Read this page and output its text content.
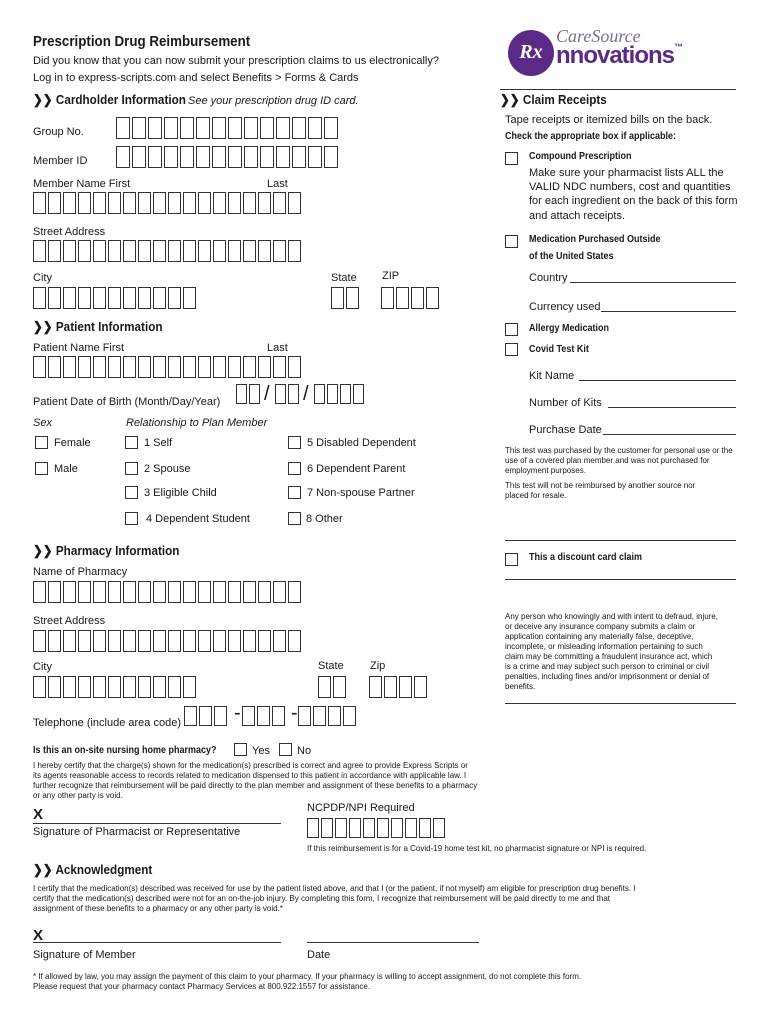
Prescription Drug Reimbursement
Did you know that you can now submit your prescription claims to us electronically?
Log in to express-scripts.com and select Benefits > Forms & Cards
Rx
CareSource
nnovations™
❯❯ Cardholder Information See your prescription drug ID card.
Group No.
Member ID
Member Name First	Last
Street Address
City	State ZIP
❯❯ Patient Information
Patient Name First	Last
Patient Date of Birth (Month/Day/Year) / /
Sex	Relationship to Plan Member
Female
Male
1 Self
2 Spouse
3 Eligible Child
4 Dependent Student
5 Disabled Dependent
6 Dependent Parent
7 Non-spouse Partner
8 Other
❯❯ Pharmacy Information
Name of Pharmacy
Street Address
City	State Zip
Telephone (include area code)	-	-
Is this an on-site nursing home pharmacy?	Yes No
I hereby certify that the charge(s) shown for the medication(s) prescribed is correct and agree to provide Express Scripts or its agents reasonable access to records related to medication dispensed to this patient in accordance with applicable law. I further recognize that reimbursement will be paid directly to the plan member and assignment of these benefits to a pharmacy or any other party is void.
X
Signature of Pharmacist or Representative
NCPDP/NPI Required
If this reimbursement is for a Covid-19 home test kit, no pharmacist signature or NPI is required.
❯❯ Claim Receipts
Tape receipts or itemized bills on the back.
Check the appropriate box if applicable:
Compound Prescription
Make sure your pharmacist lists ALL the VALID NDC numbers, cost and quantities for each ingredient on the back of this form and attach receipts.
Medication Purchased Outside
of the United States
Country
Currency used
Allergy Medication
Covid Test Kit
Kit Name
Number of Kits
Purchase Date
This test was purchased by the customer for personal use or the use of a covered plan member and was not purchased for employment purposes.
This test will not be reimbursed by another source nor placed for resale.
This a discount card claim
Any person who knowingly and with intent to defraud, injure, or deceive any insurance company submits a claim or application containing any materially false, deceptive, incomplete, or misleading information pertaining to such claim may be committing a fraudulent insurance act, which is a crime and may subject such person to criminal or civil penalties, including fines and/or imprisonment or denial of benefits.
❯❯ Acknowledgment
I certify that the medication(s) described was received for use by the patient listed above, and that I (or the patient, if not myself) am eligible for prescription drug benefits. I certify that the medication(s) described were not for an on-the-job injury. By completing this form, I recognize that reimbursement will be paid directly to me and that assignment of these benefits to a pharmacy or any other party is void.*
X
Signature of Member	Date
* If allowed by law, you may assign the payment of this claim to your pharmacy. If your pharmacy is willing to accept assignment, do not complete this form.
Please request that your pharmacy contact Pharmacy Services at 800.922.1557 for assistance.
